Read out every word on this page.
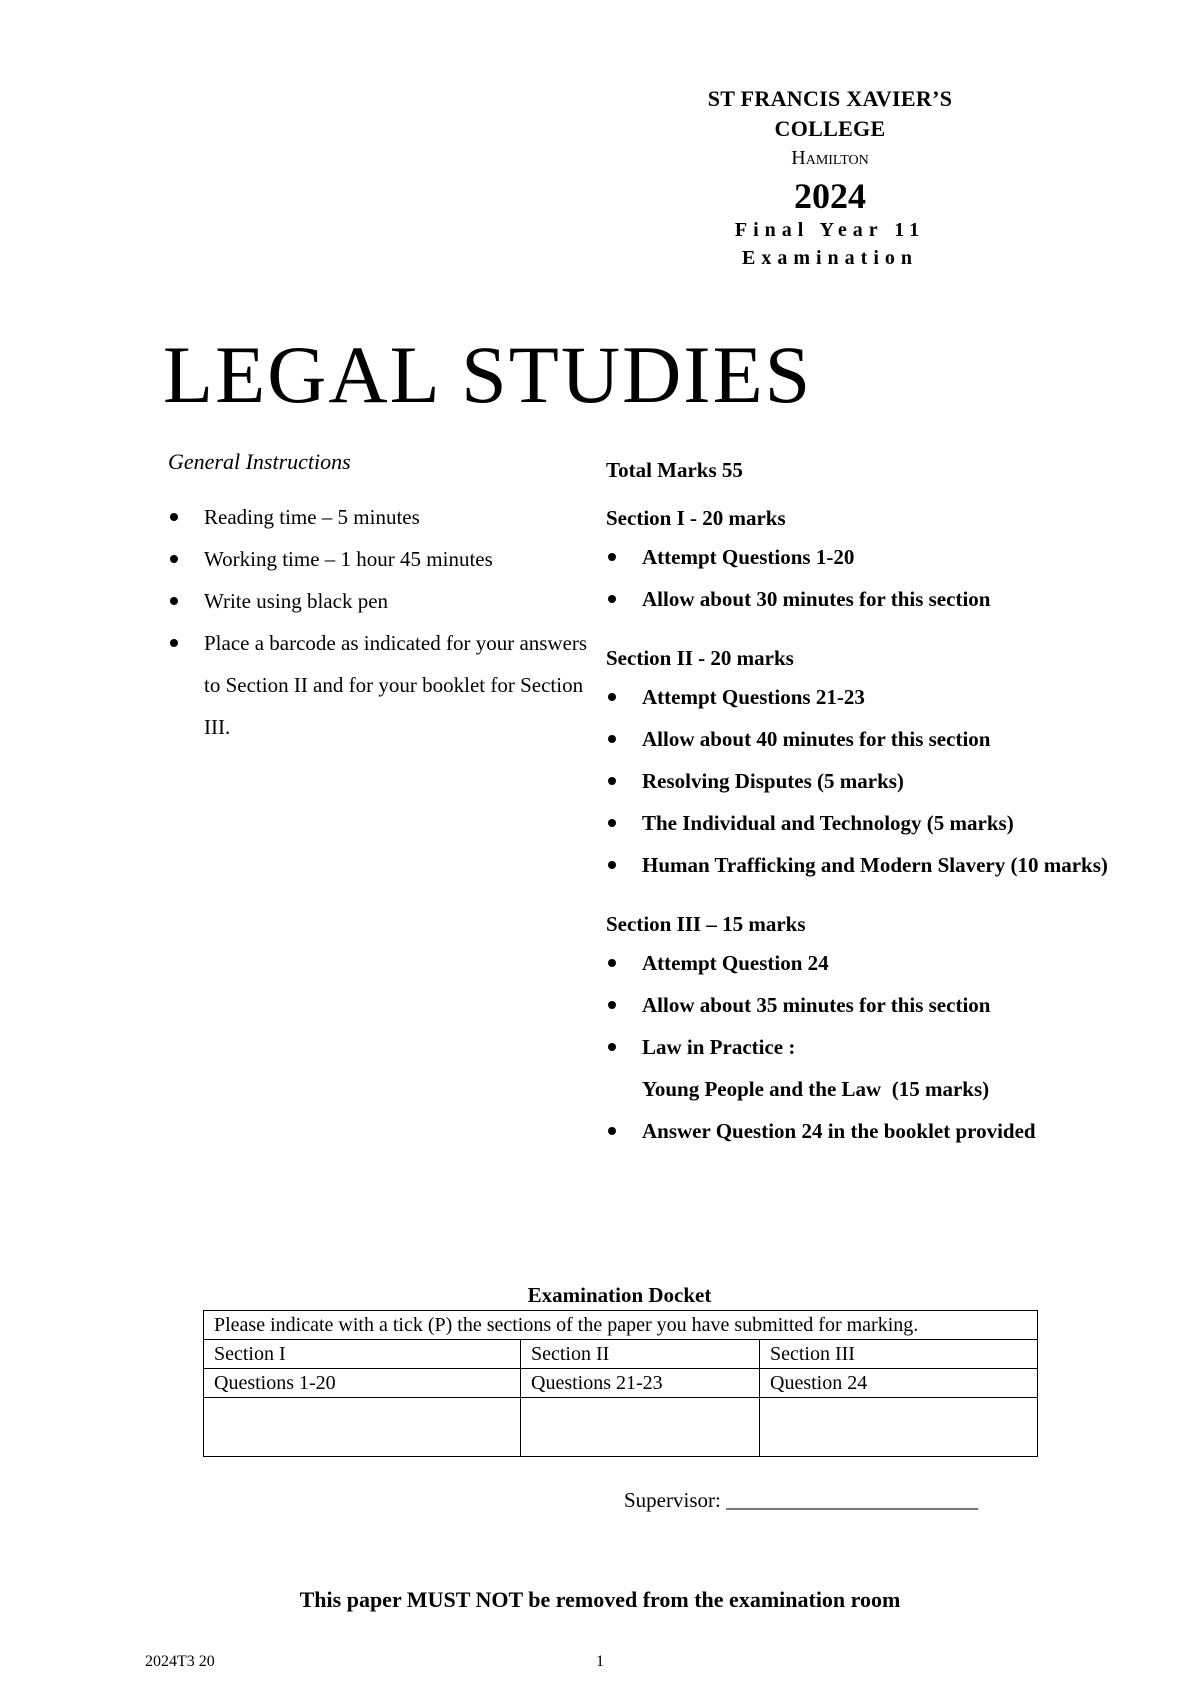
ST FRANCIS XAVIER’S
COLLEGE
Hamilton
2024
Final Year 11
Examination
LEGAL STUDIES
General Instructions
Reading time – 5 minutes
Working time – 1 hour 45 minutes
Write using black pen
Place a barcode as indicated for your answers to Section II and for your booklet for Section III.
Total Marks 55
Section I - 20 marks
Attempt Questions 1-20
Allow about 30 minutes for this section
Section II - 20 marks
Attempt Questions 21-23
Allow about 40 minutes for this section
Resolving Disputes (5 marks)
The Individual and Technology (5 marks)
Human Trafficking and Modern Slavery (10 marks)
Section III – 15 marks
Attempt Question 24
Allow about 35 minutes for this section
Law in Practice :
Young People and the Law  (15 marks)
Answer Question 24 in the booklet provided
Examination Docket
Please indicate with a tick (P) the sections of the paper you have submitted for marking.		
Section I	Section II	Section III
Questions 1-20	Questions 21-23	Question 24

Supervisor: ________________________
This paper MUST NOT be removed from the examination room
2024T3 20	1
